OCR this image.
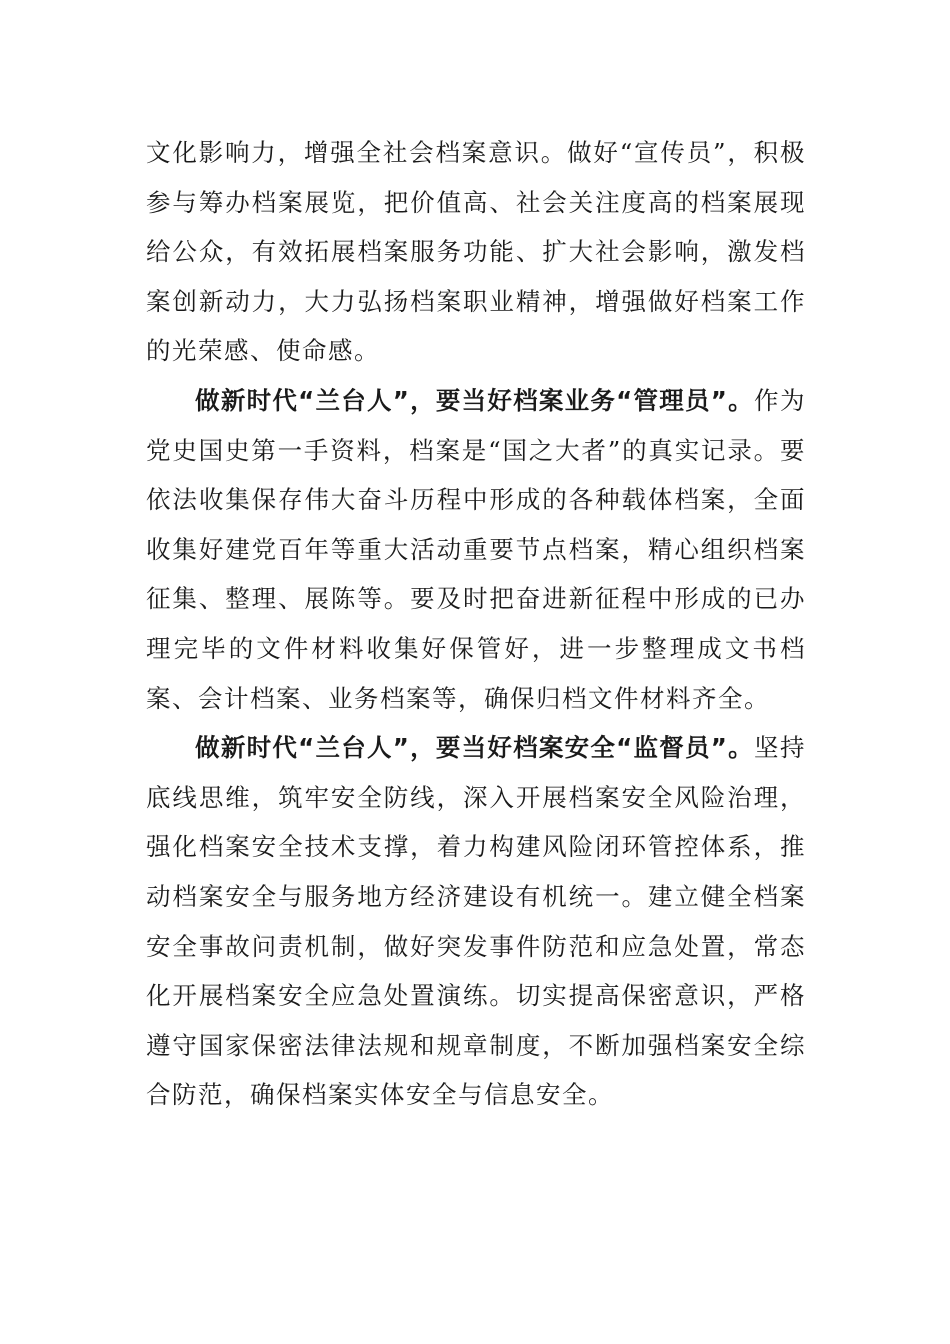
文化影响力，增强全社会档案意识。做好“宣传员”，积极参与筹办档案展览，把价值高、社会关注度高的档案展现给公众，有效拓展档案服务功能、扩大社会影响，激发档案创新动力，大力弘扬档案职业精神，增强做好档案工作的光荣感、使命感。

做新时代“兰台人”，要当好档案业务“管理员”。作为党史国史第一手资料，档案是“国之大者”的真实记录。要依法收集保存伟大奋斗历程中形成的各种载体档案，全面收集好建党百年等重大活动重要节点档案，精心组织档案征集、整理、展陈等。要及时把奋进新征程中形成的已办理完毕的文件材料收集好保管好，进一步整理成文书档案、会计档案、业务档案等，确保归档文件材料齐全。

做新时代“兰台人”，要当好档案安全“监督员”。坚持底线思维，筑牢安全防线，深入开展档案安全风险治理，强化档案安全技术支撑，着力构建风险闭环管控体系，推动档案安全与服务地方经济建设有机统一。建立健全档案安全事故问责机制，做好突发事件防范和应急处置，常态化开展档案安全应急处置演练。切实提高保密意识，严格遵守国家保密法律法规和规章制度，不断加强档案安全综合防范，确保档案实体安全与信息安全。
